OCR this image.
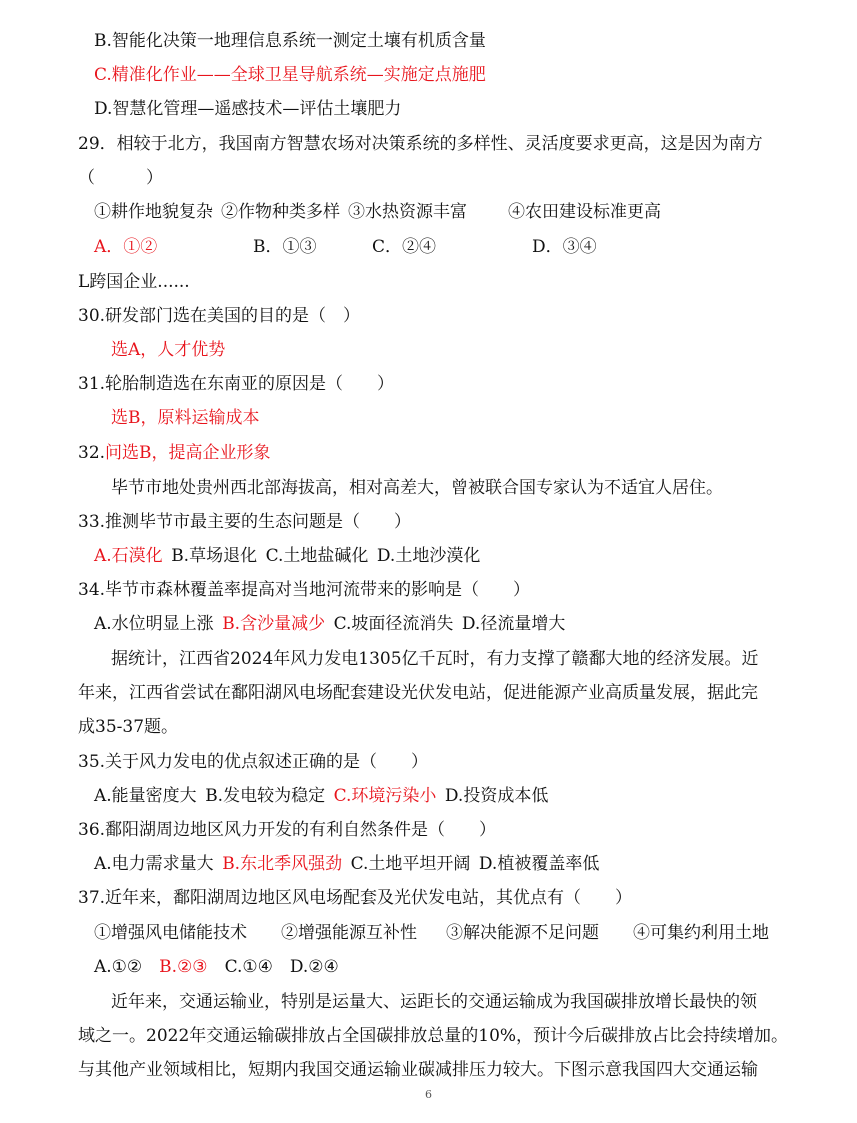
B.智能化决策一地理信息系统一测定土壤有机质含量
C.精准化作业——全球卫星导航系统—实施定点施肥
D.智慧化管理—遥感技术—评估土壤肥力
29．相较于北方，我国南方智慧农场对决策系统的多样性、灵活度要求更高，这是因为南方
（　　　）
①耕作地貌复杂 ②作物种类多样 ③水热资源丰富 ④农田建设标准更高
A．①②	B．①③	C．②④	D．③④
L跨国企业......
30.研发部门选在美国的目的是（　）
选A，人才优势
31.轮胎制造选在东南亚的原因是（　　）
选B，原料运输成本
32.问选B，提高企业形象
毕节市地处贵州西北部海拔高，相对高差大，曾被联合国专家认为不适宜人居住。
33.推测毕节市最主要的生态问题是（　　）
A.石漠化  B.草场退化  C.土地盐碱化  D.土地沙漠化
34.毕节市森林覆盖率提高对当地河流带来的影响是（　　）
A.水位明显上涨  B.含沙量减少  C.坡面径流消失  D.径流量增大
据统计，江西省2024年风力发电1305亿千瓦时，有力支撑了赣鄱大地的经济发展。近
年来，江西省尝试在鄱阳湖风电场配套建设光伏发电站，促进能源产业高质量发展，据此完
成35-37题。
35.关于风力发电的优点叙述正确的是（　　）
A.能量密度大  B.发电较为稳定  C.环境污染小  D.投资成本低
36.鄱阳湖周边地区风力开发的有利自然条件是（　　）
A.电力需求量大  B.东北季风强劲  C.土地平坦开阔  D.植被覆盖率低
37.近年来，鄱阳湖周边地区风电场配套及光伏发电站，其优点有（　　）
①增强风电储能技术 ②增强能源互补性 ③解决能源不足问题 ④可集约利用土地
A.①②  B.②③  C.①④  D.②④
近年来，交通运输业，特别是运量大、运距长的交通运输成为我国碳排放增长最快的领
域之一。2022年交通运输碳排放占全国碳排放总量的10%，预计今后碳排放占比会持续增加。
与其他产业领域相比，短期内我国交通运输业碳减排压力较大。下图示意我国四大交通运输
6
